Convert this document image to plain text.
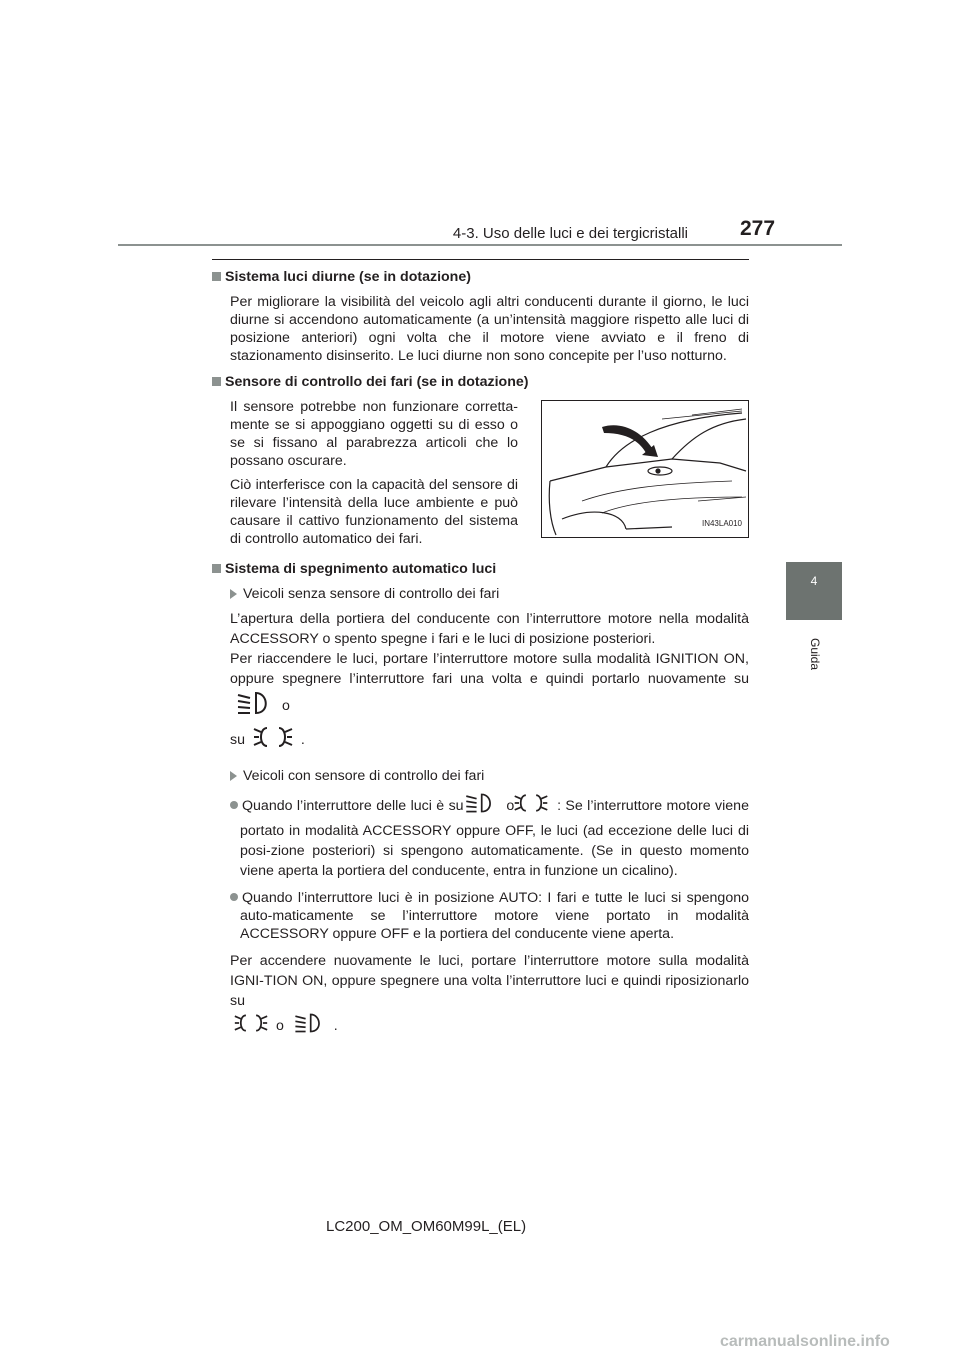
4-3. Uso delle luci e dei tergicristalli 277
4
Guida
Sistema luci diurne (se in dotazione)
Per migliorare la visibilità del veicolo agli altri conducenti durante il giorno, le luci diurne si accendono automaticamente (a un’intensità maggiore rispetto alle luci di posizione anteriori) ogni volta che il motore viene avviato e il freno di stazionamento disinserito. Le luci diurne non sono concepite per l’uso notturno.
Sensore di controllo dei fari (se in dotazione)

Il sensore potrebbe non funzionare corretta-mente se si appoggiano oggetti su di esso o se si fissano al parabrezza articoli che lo possano oscurare.

Ciò interferisce con la capacità del sensore di rilevare l’intensità della luce ambiente e può causare il cattivo funzionamento del sistema di controllo automatico dei fari.

IN43LA010
Sistema di spegnimento automatico luci
Veicoli senza sensore di controllo dei fari
L’apertura della portiera del conducente con l’interruttore motore nella modalità ACCESSORY o spento spegne i fari e le luci di posizione posteriori.
Per riaccendere le luci, portare l’interruttore motore sulla modalità IGNITION ON, oppure spegnere l’interruttore fari una volta e quindi portarlo nuovamente su  o
su	.
Veicoli con sensore di controllo dei fari
Quando l’interruttore delle luci è su	o	: Se l’interruttore motore viene portato in modalità ACCESSORY oppure OFF, le luci (ad eccezione delle luci di posi-zione posteriori) si spengono automaticamente. (Se in questo momento viene aperta la portiera del conducente, entra in funzione un cicalino).
Quando l’interruttore luci è in posizione AUTO: I fari e tutte le luci si spengono auto-maticamente se l’interruttore motore viene portato in modalità ACCESSORY oppure OFF e la portiera del conducente viene aperta.
Per accendere nuovamente le luci, portare l’interruttore motore sulla modalità IGNI-TION ON, oppure spegnere una volta l’interruttore luci e quindi riposizionarlo su
o	.
LC200_OM_OM60M99L_(EL)
carmanualsonline.info
